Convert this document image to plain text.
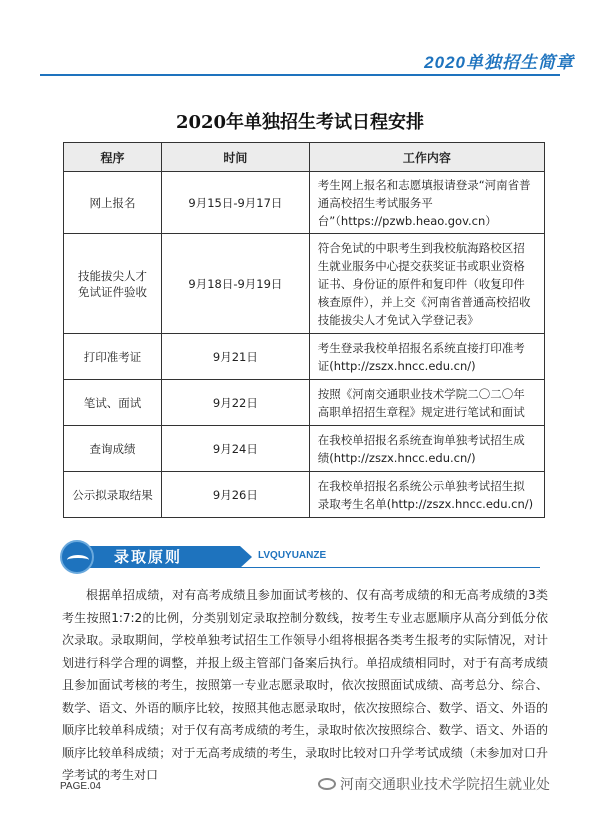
2020单独招生简章
2020年单独招生考试日程安排
程序	时间	工作内容
网上报名	9月15日-9月17日	考生网上报名和志愿填报请登录“河南省普通高校招生考试服务平台”（https://pzwb.heao.gov.cn）
技能拔尖人才免试证件验收	9月18日-9月19日	符合免试的中职考生到我校航海路校区招生就业服务中心提交获奖证书或职业资格证书、身份证的原件和复印件（收复印件核查原件），并上交《河南省普通高校招收技能拔尖人才免试入学登记表》
打印准考证	9月21日	考生登录我校单招报名系统直接打印准考证(http://zszx.hncc.edu.cn/)
笔试、面试	9月22日	按照《河南交通职业技术学院二〇二〇年高职单招招生章程》规定进行笔试和面试
查询成绩	9月24日	在我校单招报名系统查询单独考试招生成绩(http://zszx.hncc.edu.cn/)
公示拟录取结果	9月26日	在我校单招报名系统公示单独考试招生拟录取考生名单(http://zszx.hncc.edu.cn/)
录取原则	LVQUYUANZE
根据单招成绩，对有高考成绩且参加面试考核的、仅有高考成绩的和无高考成绩的3类考生按照1:7:2的比例，分类别划定录取控制分数线，按考生专业志愿顺序从高分到低分依次录取。录取期间，学校单独考试招生工作领导小组将根据各类考生报考的实际情况，对计划进行科学合理的调整，并报上级主管部门备案后执行。单招成绩相同时，对于有高考成绩且参加面试考核的考生，按照第一专业志愿录取时，依次按照面试成绩、高考总分、综合、数学、语文、外语的顺序比较，按照其他志愿录取时，依次按照综合、数学、语文、外语的顺序比较单科成绩；对于仅有高考成绩的考生，录取时依次按照综合、数学、语文、外语的顺序比较单科成绩；对于无高考成绩的考生，录取时比较对口升学考试成绩（未参加对口升学考试的考生对口
PAGE.04	河南交通职业技术学院招生就业处
